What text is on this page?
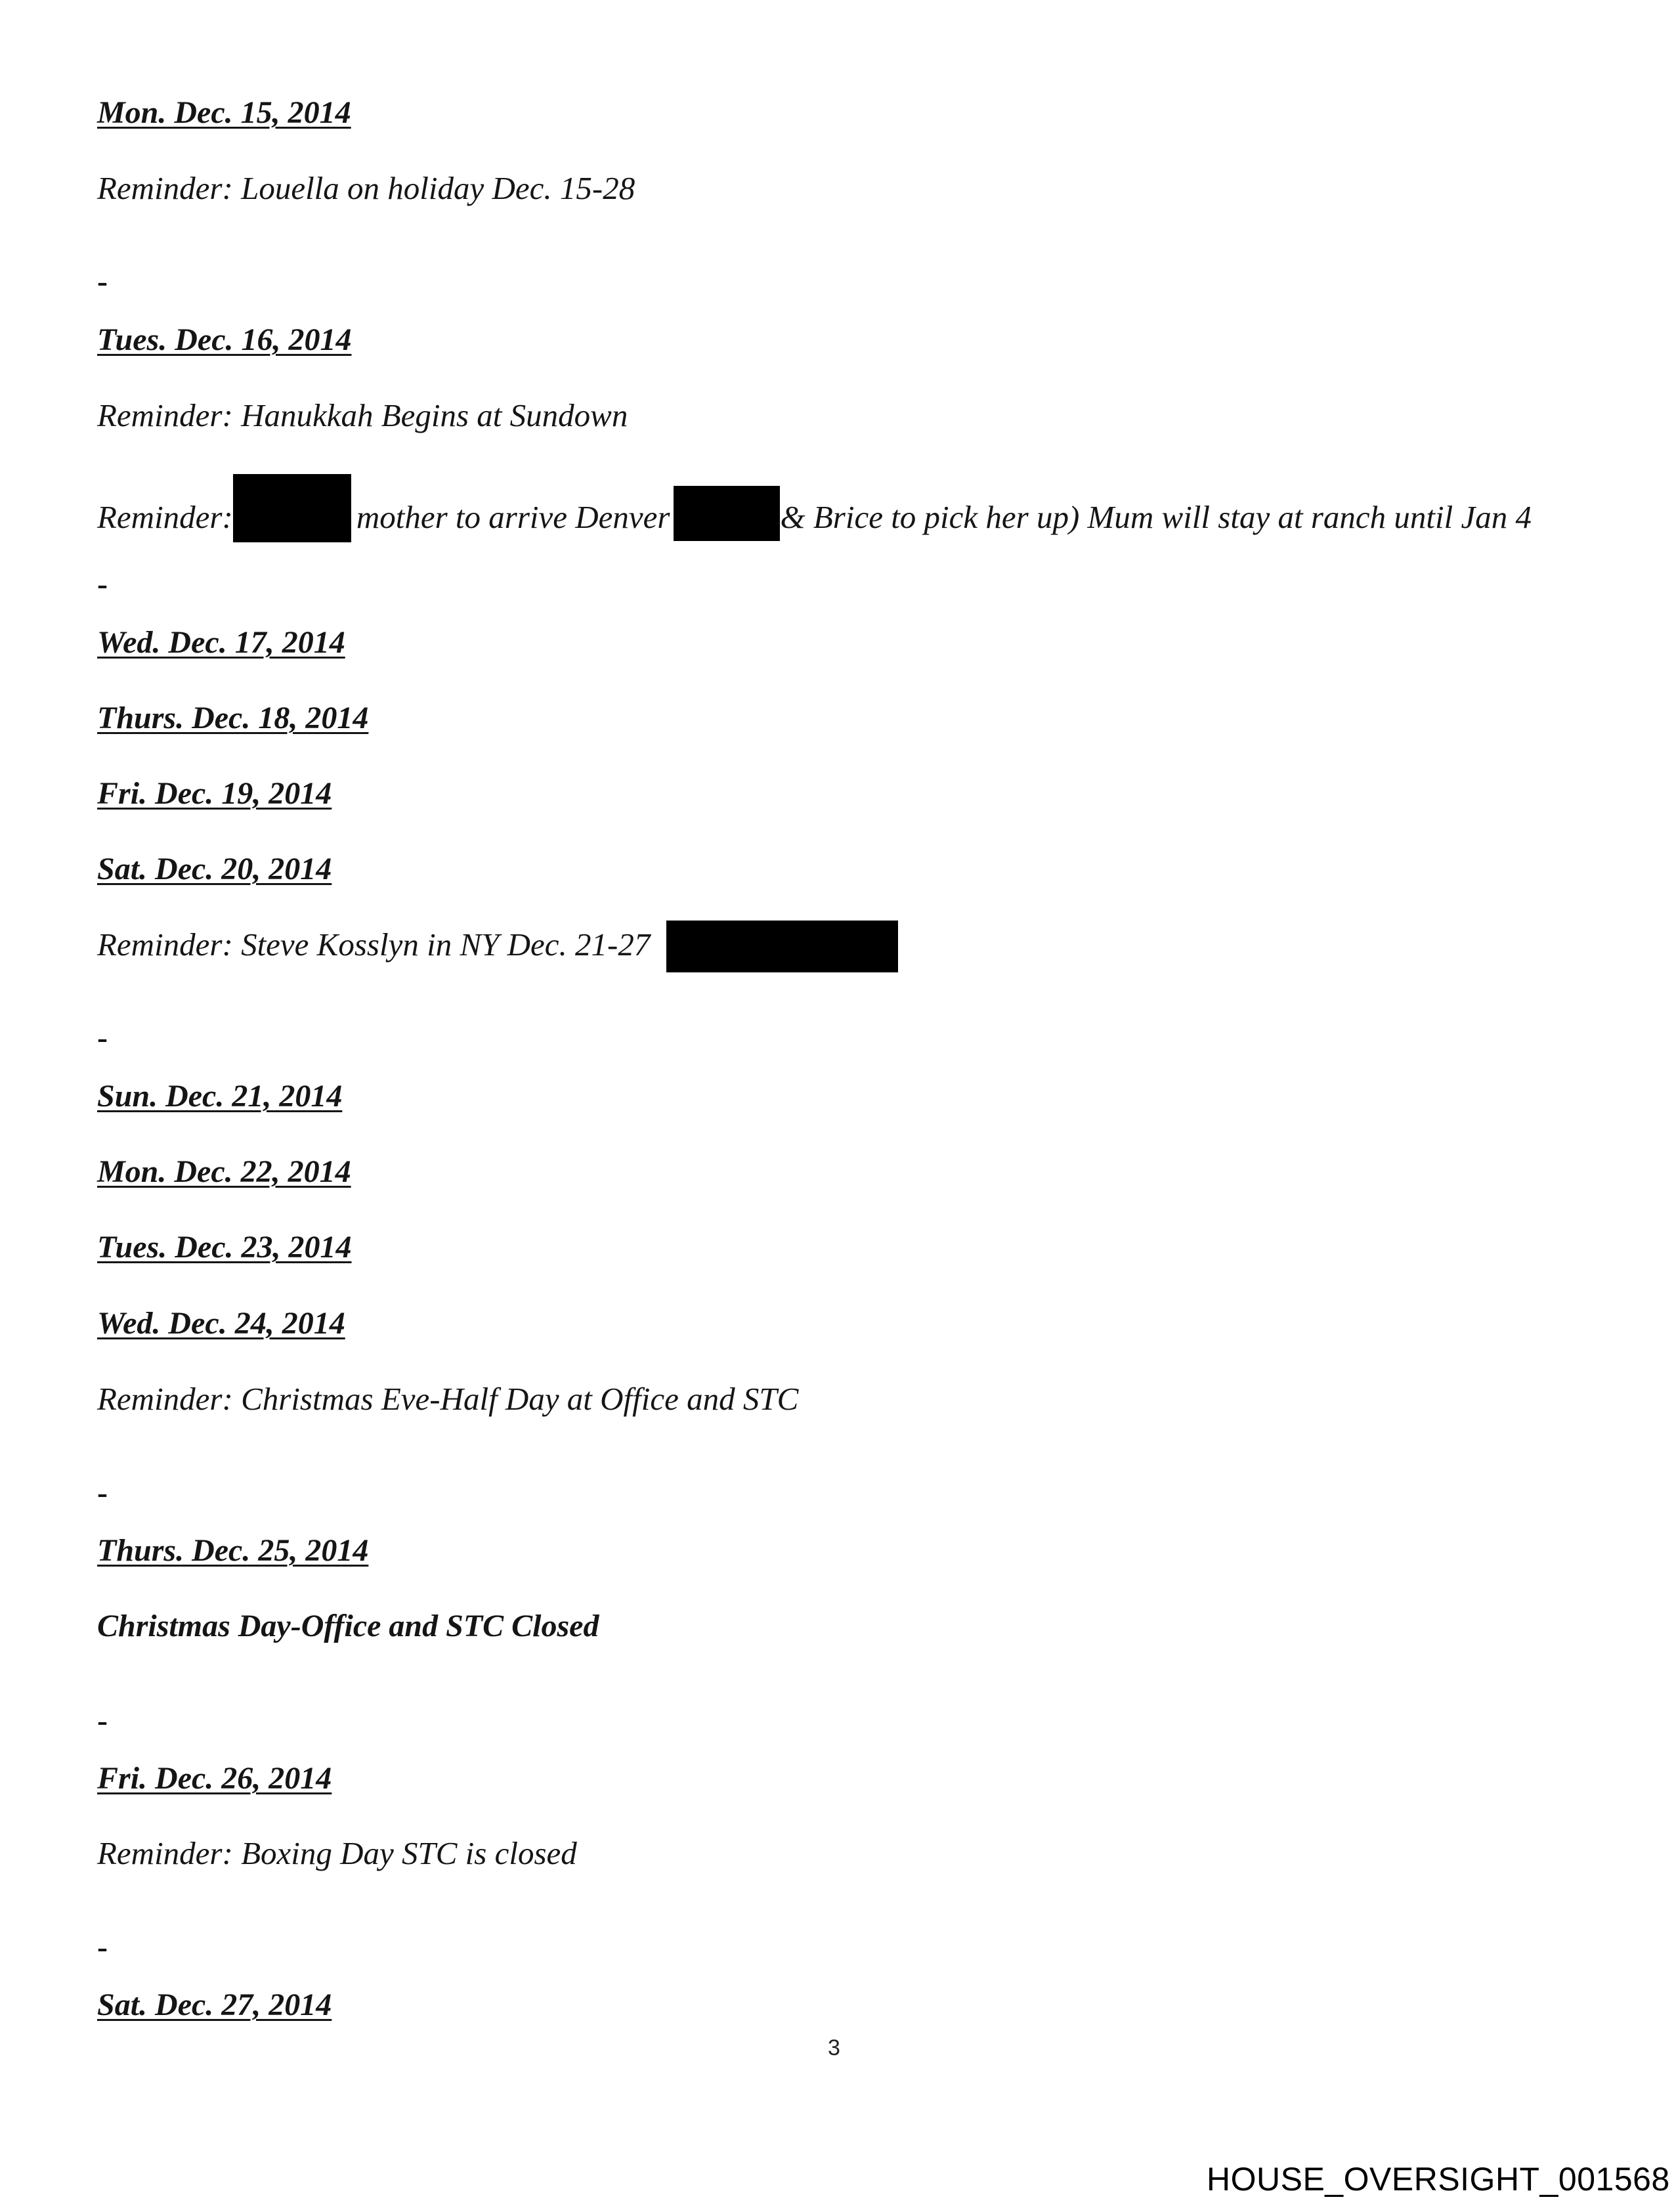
Mon. Dec. 15, 2014
Reminder: Louella on holiday Dec. 15-28
-
Tues. Dec. 16, 2014
Reminder: Hanukkah Begins at Sundown
Reminder:	mother to arrive Denver	& Brice to pick her up) Mum will stay at ranch until Jan 4
-
Wed. Dec. 17, 2014
Thurs. Dec. 18, 2014
Fri. Dec. 19, 2014
Sat. Dec. 20, 2014
Reminder: Steve Kosslyn in NY Dec. 21-27
-
Sun. Dec. 21, 2014
Mon. Dec. 22, 2014
Tues. Dec. 23, 2014
Wed. Dec. 24, 2014
Reminder: Christmas Eve-Half Day at Office and STC
-
Thurs. Dec. 25, 2014
Christmas Day-Office and STC Closed
-
Fri. Dec. 26, 2014
Reminder: Boxing Day STC is closed
-
Sat. Dec. 27, 2014
3
HOUSE_OVERSIGHT_001568
